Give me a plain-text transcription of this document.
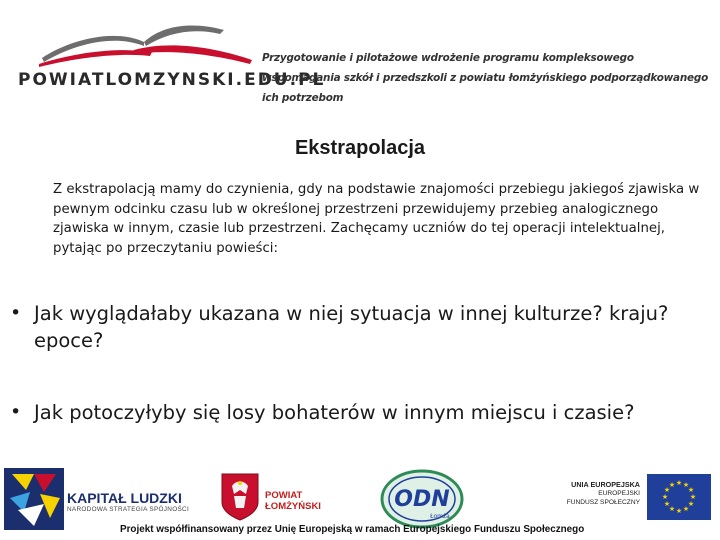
POWIATLOMZYNSKI.EDU.PL
Przygotowanie i pilotażowe wdrożenie programu kompleksowego wspomagania szkół i przedszkoli z powiatu łomżyńskiego podporządkowanego ich potrzebom
Ekstrapolacja
Z ekstrapolacją mamy do czynienia, gdy na podstawie znajomości przebiegu jakiegoś zjawiska w pewnym odcinku czasu lub w określonej przestrzeni przewidujemy przebieg analogicznego zjawiska w innym, czasie lub przestrzeni. Zachęcamy uczniów do tej operacji intelektualnej, pytając po przeczytaniu powieści:
• Jak wyglądałaby ukazana w niej sytuacja w innej kulturze? kraju? epoce?
• Jak potoczyłyby się losy bohaterów w innym miejscu i czasie?
KAPITAŁ LUDZKI
NARODOWA STRATEGIA SPÓJNOŚCI
POWIAT
ŁOMŻYŃSKI	ODN
Łomża
UNIA EUROPEJSKA
EUROPEJSKI
FUNDUSZ SPOŁECZNY
★ ★
★
★
★
★
★
★
★
★
★
★
Projekt współfinansowany przez Unię Europejską w ramach Europejskiego Funduszu Społecznego
